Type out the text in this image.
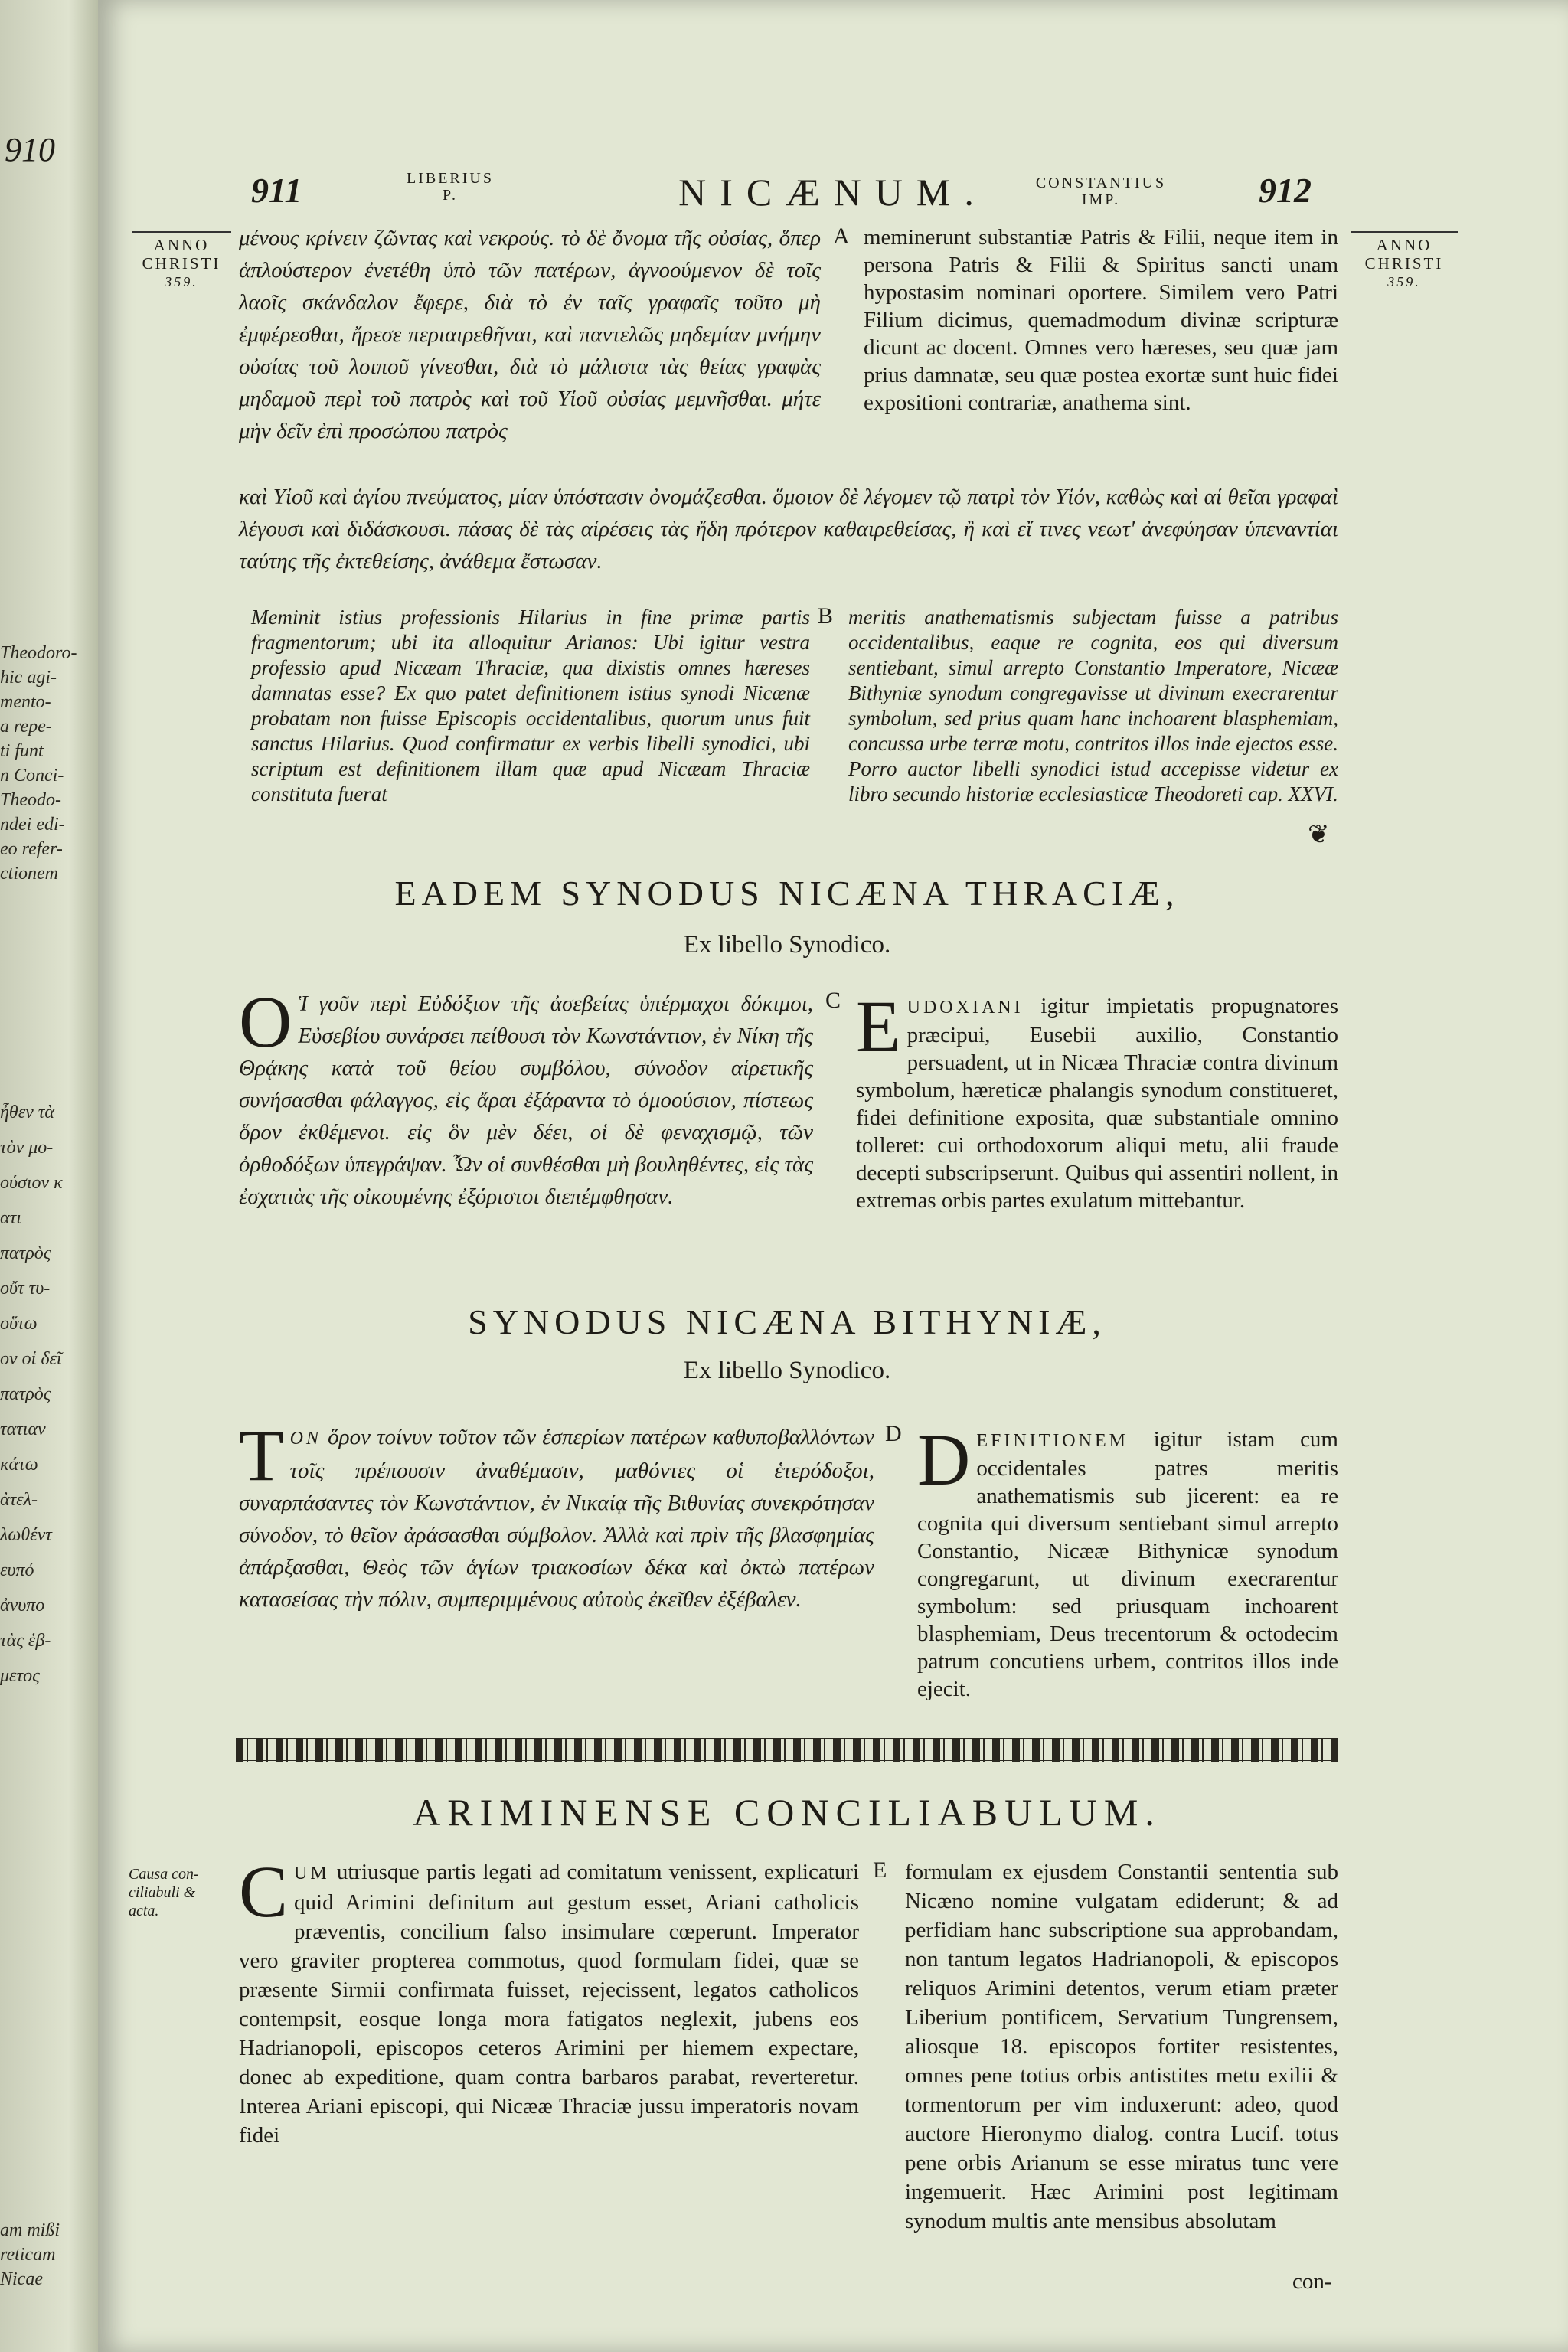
910
Theodoro-
hic agi-
mento-
a repe-
ti funt
n Conci-
Theodo-
ndei edi-
eo refer-
ctionem
ἦθεν τὰ
τὸν μο-
ούσιον κ
ατι
πατρὸς
οὔτ τυ-
οὕτω
ον οἱ δεῖ
πατρὸς
τατιαν
κάτω
ἀτελ-
λωθέντ
ευπό
ἀνυπο
τὰς ἑβ-
μετος
am mißi
reticam
Nicae
911	LIBERIUS
P.	NICÆNUM.	CONSTANTIUS
IMP.	912
ANNO
CHRISTI
359.
ANNO
CHRISTI
359.
μένους κρίνειν ζῶντας καὶ νεκρούς. τὸ δὲ ὄνομα τῆς οὐσίας, ὅπερ ἁπλούστερον ἐνετέθη ὑπὸ τῶν πατέρων, ἀγνοούμενον δὲ τοῖς λαοῖς σκάνδαλον ἔφερε, διὰ τὸ ἐν ταῖς γραφαῖς τοῦτο μὴ ἐμφέρεσθαι, ἤρεσε περιαιρεθῆναι, καὶ παντελῶς μηδεμίαν μνήμην οὐσίας τοῦ λοιποῦ γίνεσθαι, διὰ τὸ μάλιστα τὰς θείας γραφὰς μηδαμοῦ περὶ τοῦ πατρὸς καὶ τοῦ Υἱοῦ οὐσίας μεμνῆσθαι. μήτε μὴν δεῖν ἐπὶ προσώπου πατρὸς
A meminerunt substantiæ Patris & Filii, neque item in persona Patris & Filii & Spiritus sancti unam hypostasim nominari oportere. Similem vero Patri Filium dicimus, quemadmodum divinæ scripturæ dicunt ac docent. Omnes vero hæreses, seu quæ jam prius damnatæ, seu quæ postea exortæ sunt huic fidei expositioni contrariæ, anathema sint.
καὶ Υἱοῦ καὶ ἁγίου πνεύματος, μίαν ὑπόστασιν ὀνομάζεσθαι. ὅμοιον δὲ λέγομεν τῷ πατρὶ τὸν Υἱόν, καθὼς καὶ αἱ θεῖαι γραφαὶ λέγουσι καὶ διδάσκουσι. πάσας δὲ τὰς αἱρέσεις τὰς ἤδη πρότερον καθαιρεθείσας, ἢ καὶ εἴ τινες νεωτ' ἀνεφύησαν ὑπεναντίαι ταύτης τῆς ἐκτεθείσης, ἀνάθεμα ἔστωσαν.
Meminit istius professionis Hilarius in fine primæ partis fragmentorum; ubi ita alloquitur Arianos: Ubi igitur vestra professio apud Nicæam Thraciæ, qua dixistis omnes hæreses damnatas esse? Ex quo patet definitionem istius synodi Nicænæ probatam non fuisse Episcopis occidentalibus, quorum unus fuit sanctus Hilarius. Quod confirmatur ex verbis libelli synodici, ubi scriptum est definitionem illam quæ apud Nicæam Thraciæ constituta fuerat
B meritis anathematismis subjectam fuisse a patribus occidentalibus, eaque re cognita, eos qui diversum sentiebant, simul arrepto Constantio Imperatore, Nicææ Bithyniæ synodum congregavisse ut divinum execrarentur symbolum, sed prius quam hanc inchoarent blasphemiam, concussa urbe terræ motu, contritos illos inde ejectos esse. Porro auctor libelli synodici istud accepisse videtur ex libro secundo historiæ ecclesiasticæ Theodoreti cap. XXVI.
❦
EADEM SYNODUS NICÆNA THRACIÆ,
Ex libello Synodico.
O Ἱ γοῦν περὶ Εὐδόξιον τῆς ἀσεβείας ὑπέρμαχοι δόκιμοι, Εὐσεβίου συνάρσει πείθουσι τὸν Κωνστάντιον, ἐν Νίκη τῆς Θρᾴκης κατὰ τοῦ θείου συμβόλου, σύνοδον αἱρετικῆς συνήσασθαι φάλαγγος, εἰς ἄραι ἐξάραντα τὸ ὁμοούσιον, πίστεως ὅρον ἐκθέμενοι. εἰς ὃν μὲν δέει, οἱ δὲ φεναχισμῷ, τῶν ὀρθοδόξων ὑπεγράψαν. Ὧν οἱ συνθέσθαι μὴ βουληθέντες, εἰς τὰς ἐσχατιὰς τῆς οἰκουμένης ἐξόριστοι διεπέμφθησαν.
C EUDOXIANI igitur impietatis propugnatores præcipui, Eusebii auxilio, Constantio persuadent, ut in Nicæa Thraciæ contra divinum symbolum, hæreticæ phalangis synodum constitueret, fidei definitione exposita, quæ substantiale omnino tolleret: cui orthodoxorum aliqui metu, alii fraude decepti subscripserunt. Quibus qui assentiri nollent, in extremas orbis partes exulatum mittebantur.
SYNODUS NICÆNA BITHYNIÆ,
Ex libello Synodico.
TON ὅρον τοίνυν τοῦτον τῶν ἑσπερίων πατέρων καθυποβαλλόντων τοῖς πρέπουσιν ἀναθέμασιν, μαθόντες οἱ ἑτερόδοξοι, συναρπάσαντες τὸν Κωνστάντιον, ἐν Νικαίᾳ τῆς Βιθυνίας συνεκρότησαν σύνοδον, τὸ θεῖον ἀράσασθαι σύμβολον. Ἀλλὰ καὶ πρὶν τῆς βλασφημίας ἀπάρξασθαι, Θεὸς τῶν ἁγίων τριακοσίων δέκα καὶ ὀκτὼ πατέρων κατασείσας τὴν πόλιν, συμπεριμμένους αὐτοὺς ἐκεῖθεν ἐξέβαλεν.
D DEFINITIONEM igitur istam cum occidentales patres meritis anathematismis sub jicerent: ea re cognita qui diversum sentiebant simul arrepto Constantio, Nicææ Bithynicæ synodum congregarunt, ut divinum execrarentur symbolum: sed priusquam inchoarent blasphemiam, Deus trecentorum & octodecim patrum concutiens urbem, contritos illos inde ejecit.
ARIMINENSE CONCILIABULUM.
Causa con-
ciliabuli &
acta.	CUM utriusque partis legati ad comitatum venissent, explicaturi quid Arimini definitum aut gestum esset, Ariani catholicis præventis, concilium falso insimulare cœperunt. Imperator vero graviter propterea commotus, quod formulam fidei, quæ se præsente Sirmii confirmata fuisset, rejecissent, legatos catholicos contempsit, eosque longa mora fatigatos neglexit, jubens eos Hadrianopoli, episcopos ceteros Arimini per hiemem expectare, donec ab expeditione, quam contra barbaros parabat, reverteretur. Interea Ariani episcopi, qui Nicææ Thraciæ jussu imperatoris novam fidei
E formulam ex ejusdem Constantii sententia sub Nicæno nomine vulgatam ediderunt; & ad perfidiam hanc subscriptione sua approbandam, non tantum legatos Hadrianopoli, & episcopos reliquos Arimini detentos, verum etiam præter Liberium pontificem, Servatium Tungrensem, aliosque 18. episcopos fortiter resistentes, omnes pene totius orbis antistites metu exilii & tormentorum per vim induxerunt: adeo, quod auctore Hieronymo dialog. contra Lucif. totus pene orbis Arianum se esse miratus tunc vere ingemuerit. Hæc Arimini post legitimam synodum multis ante mensibus absolutam
con-
